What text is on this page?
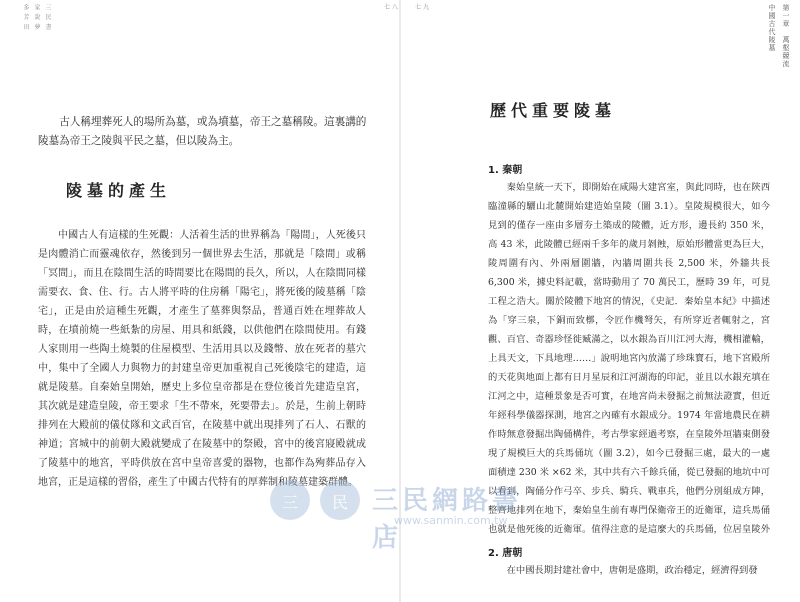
多 芳 田 家 說 夢 三 民 書	七八

古人稱埋葬死人的場所為墓，或為墳墓，帝王之墓稱陵。這裏講的陵墓為帝王之陵與平民之墓，但以陵為主。

陵墓的產生

中國古人有這樣的生死觀：人活着生活的世界稱為「陽間」，人死後只是肉體消亡而靈魂依存，然後到另一個世界去生活，那就是「陰間」或稱「冥間」，而且在陰間生活的時間要比在陽間的長久，所以，人在陰間同樣需要衣、食、住、行。古人將平時的住房稱「陽宅」，將死後的陵墓稱「陰宅」，正是由於這種生死觀，才產生了墓葬與祭品，普通百姓在埋葬故人時，在墳前燒一些紙紮的房屋、用具和紙錢，以供他們在陰間使用。有錢人家則用一些陶土燒製的住屋模型、生活用具以及錢幣、放在死者的墓穴中，集中了全國人力與物力的封建皇帝更加重視自己死後陰宅的建造，這就是陵墓。自秦始皇開始，歷史上多位皇帝都是在登位後首先建造皇宮，其次就是建造皇陵，帝王要求「生不帶來，死要帶去」。於是，生前上朝時排列在大殿前的儀仗隊和文武百官，在陵墓中就出現排列了石人、石獸的神道；宮城中的前朝大殿就變成了在陵墓中的祭殿，宮中的後宮寢殿就成了陵墓中的地宮，平時供放在宮中皇帝喜愛的器物，也都作為殉葬品存入地宮，正是這樣的習俗，產生了中國古代特有的厚葬制和陵墓建築群體。

七九	第一章　萬壑競流
中國古代陵墓
歷代重要陵墓
1. 秦朝

秦始皇統一天下，即開始在咸陽大建宮室，與此同時，也在陝西臨潼縣的驪山北麓開始建造始皇陵（圖 3.1）。皇陵規模很大，如今見到的僅存一座由多層夯土築成的陵體，近方形，邊長約 350 米，高 43 米，此陵體已經兩千多年的歲月剝蝕，原始形體當更為巨大，陵周圍有內、外兩層圍牆，內牆周圍共長 2,500 米，外牆共長 6,300 米，據史料記載，當時動用了 70 萬民工，歷時 39 年，可見工程之浩大。關於陵體下地宮的情況，《史記．秦始皇本紀》中描述為「穿三泉，下銅而致槨，令匠作機弩矢，有所穿近者輒射之，宮觀、百官、奇器珍怪徙臧滿之，以水銀為百川江河大海，機相灌輸，上具天文，下具地理……」說明地宮內放滿了珍珠寶石，地下宮殿所的天花與地面上都有日月星辰和江河湖海的印記，並且以水銀充填在江河之中，這種景象是否可實，在地宮尚未發掘之前無法證實，但近年經科學儀器探測，地宮之內確有水銀成分。1974 年當地農民在耕作時無意發掘出陶俑構件，考古學家經過考察，在皇陵外垣牆東側發現了規模巨大的兵馬俑坑（圖 3.2），如今已發掘三處，最大的一處面積達 230 米 ×62 米，其中共有六千餘兵俑，從已發掘的地坑中可以看到，陶俑分作弓卒、步兵、騎兵、戰車兵，他們分別組成方陣，整齊地排列在地下，秦始皇生前有專門保衛帝王的近衛軍，這兵馬俑也就是他死後的近衛軍。值得注意的是這麼大的兵馬俑，位居皇陵外

2. 唐朝

在中國長期封建社會中，唐朝是盛期，政治穩定，經濟得到發

三 民 三民網路書店
www.sanmin.com.tw
